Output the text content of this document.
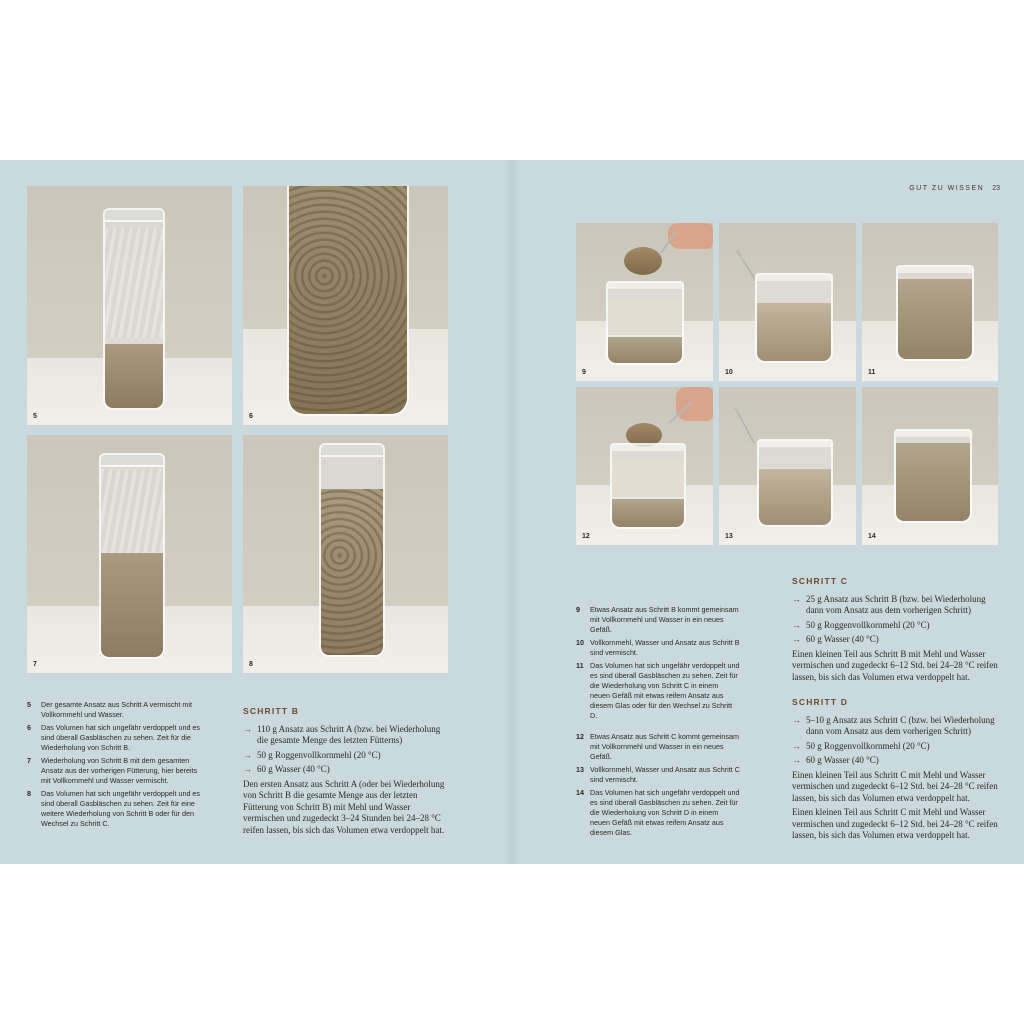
GUT ZU WISSEN 23
5	6
7	8
9	10	11
12	13	14
5	Der gesamte Ansatz aus Schritt A vermischt mit Vollkornmehl und Wasser.
6	Das Volumen hat sich ungefähr verdoppelt und es sind überall Gasbläschen zu sehen. Zeit für die Wiederholung von Schritt B.
7	Wiederholung von Schritt B mit dem gesamten Ansatz aus der vorherigen Fütterung, hier bereits mit Vollkornmehl und Wasser vermischt.
8	Das Volumen hat sich ungefähr verdoppelt und es sind überall Gasbläschen zu sehen. Zeit für eine weitere Wiederholung von Schritt B oder für den Wechsel zu Schritt C.
SCHRITT B
→ 110 g Ansatz aus Schritt A (bzw. bei Wiederholung die gesamte Menge des letzten Fütterns)
→ 50 g Roggenvollkornmehl (20 °C)
→ 60 g Wasser (40 °C)

Den ersten Ansatz aus Schritt A (oder bei Wiederholung von Schritt B die gesamte Menge aus der letzten Fütterung von Schritt B) mit Mehl und Wasser vermischen und zugedeckt 3–24 Stunden bei 24–28 °C reifen lassen, bis sich das Volumen etwa verdoppelt hat.

9	Etwas Ansatz aus Schritt B kommt gemeinsam mit Vollkornmehl und Wasser in ein neues Gefäß.
10 Vollkornmehl, Wasser und Ansatz aus Schritt B sind vermischt.
11 Das Volumen hat sich ungefähr verdoppelt und es sind überall Gasbläschen zu sehen. Zeit für die Wiederholung von Schritt C in einem neuen Gefäß mit etwas reifem Ansatz aus diesem Glas oder für den Wechsel zu Schritt D.
12 Etwas Ansatz aus Schritt C kommt gemeinsam mit Vollkornmehl und Wasser in ein neues Gefäß.
13 Vollkornmehl, Wasser und Ansatz aus Schritt C sind vermischt.
14 Das Volumen hat sich ungefähr verdoppelt und es sind überall Gasbläschen zu sehen. Zeit für die Wiederholung von Schritt D in einem neuen Gefäß mit etwas reifem Ansatz aus diesem Glas.
SCHRITT C
→ 25 g Ansatz aus Schritt B (bzw. bei Wiederholung dann vom Ansatz aus dem vorherigen Schritt)
→ 50 g Roggenvollkornmehl (20 °C)
→ 60 g Wasser (40 °C)

Einen kleinen Teil aus Schritt B mit Mehl und Wasser vermischen und zugedeckt 6–12 Std. bei 24–28 °C reifen lassen, bis sich das Volumen etwa verdoppelt hat.

SCHRITT D
→ 5–10 g Ansatz aus Schritt C (bzw. bei Wiederholung dann vom Ansatz aus dem vorherigen Schritt)
→ 50 g Roggenvollkornmehl (20 °C)
→ 60 g Wasser (40 °C)

Einen kleinen Teil aus Schritt C mit Mehl und Wasser vermischen und zugedeckt 6–12 Std. bei 24–28 °C reifen lassen, bis sich das Volumen etwa verdoppelt hat.

Einen kleinen Teil aus Schritt C mit Mehl und Wasser vermischen und zugedeckt 6–12 Std. bei 24–28 °C reifen lassen, bis sich das Volumen etwa verdoppelt hat.
